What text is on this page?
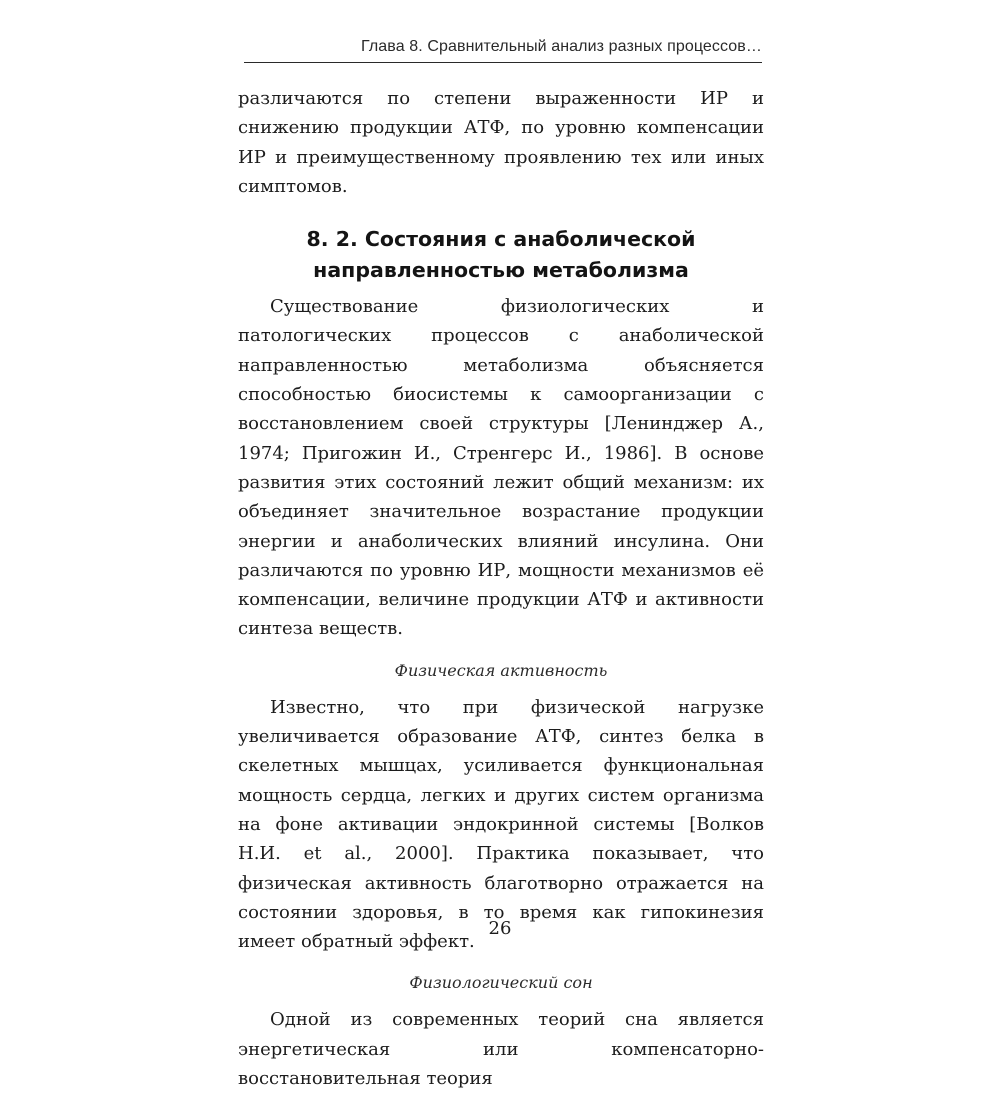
Глава 8. Сравнительный анализ разных процессов…

различаются по степени выраженности ИР и снижению продукции АТФ, по уровню компенсации ИР и преимущественному проявлению тех или иных симптомов.

8. 2. Состояния с анаболической
направленностью метаболизма

Существование физиологических и патологических процессов с анаболической направленностью метаболизма объясняется способностью биосистемы к самоорганизации с восстановлением своей структуры [Ленинджер А., 1974; Пригожин И., Стренгерс И., 1986]. В основе развития этих состояний лежит общий механизм: их объединяет значительное возрастание продукции энергии и анаболических влияний инсулина. Они различаются по уровню ИР, мощности механизмов её компенсации, величине продукции АТФ и активности синтеза веществ.

Физическая активность

Известно, что при физической нагрузке увеличивается образование АТФ, синтез белка в скелетных мышцах, усиливается функциональная мощность сердца, легких и других систем организма на фоне активации эндокринной системы [Волков Н.И. et al., 2000]. Практика показывает, что физическая активность благотворно отражается на состоянии здоровья, в то время как гипокинезия имеет обратный эффект.

Физиологический сон

Одной из современных теорий сна является энергетическая или компенсаторно-восстановительная теория

26
